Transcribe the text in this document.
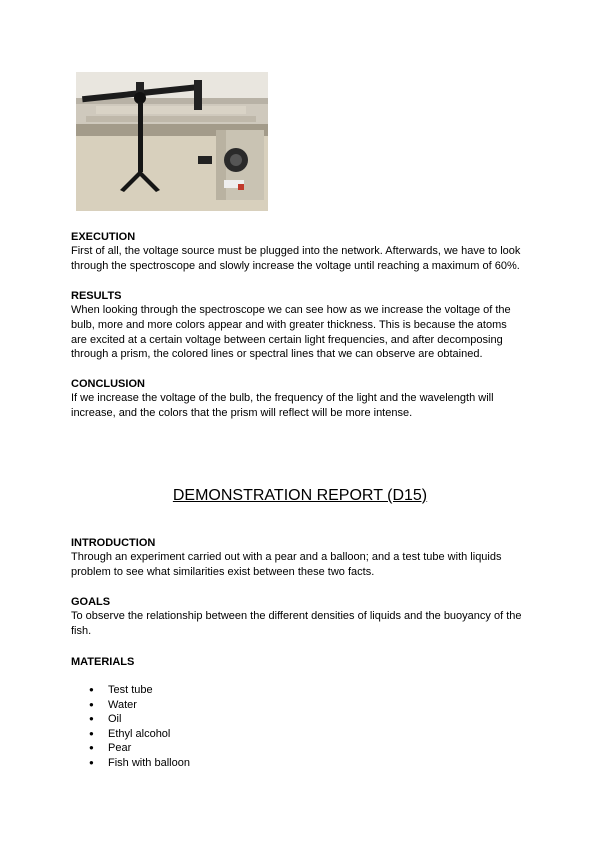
EXECUTION

First of all, the voltage source must be plugged into the network. Afterwards, we have to look

through the spectroscope and slowly increase the voltage until reaching a maximum of 60%.

RESULTS

When looking through the spectroscope we can see how as we increase the voltage of the

bulb, more and more colors appear and with greater thickness. This is because the atoms

are excited at a certain voltage between certain light frequencies, and after decomposing

through a prism, the colored lines or spectral lines that we can observe are obtained.

CONCLUSION

If we increase the voltage of the bulb, the frequency of the light and the wavelength will

increase, and the colors that the prism will reflect will be more intense.

DEMONSTRATION REPORT (D15)

INTRODUCTION

Through an experiment carried out with a pear and a balloon; and a test tube with liquids

problem to see what similarities exist between these two facts.

GOALS

To observe the relationship between the different densities of liquids and the buoyancy of the

fish.

MATERIALS

● Test tube
● Water
● Oil
● Ethyl alcohol
● Pear
● Fish with balloon
